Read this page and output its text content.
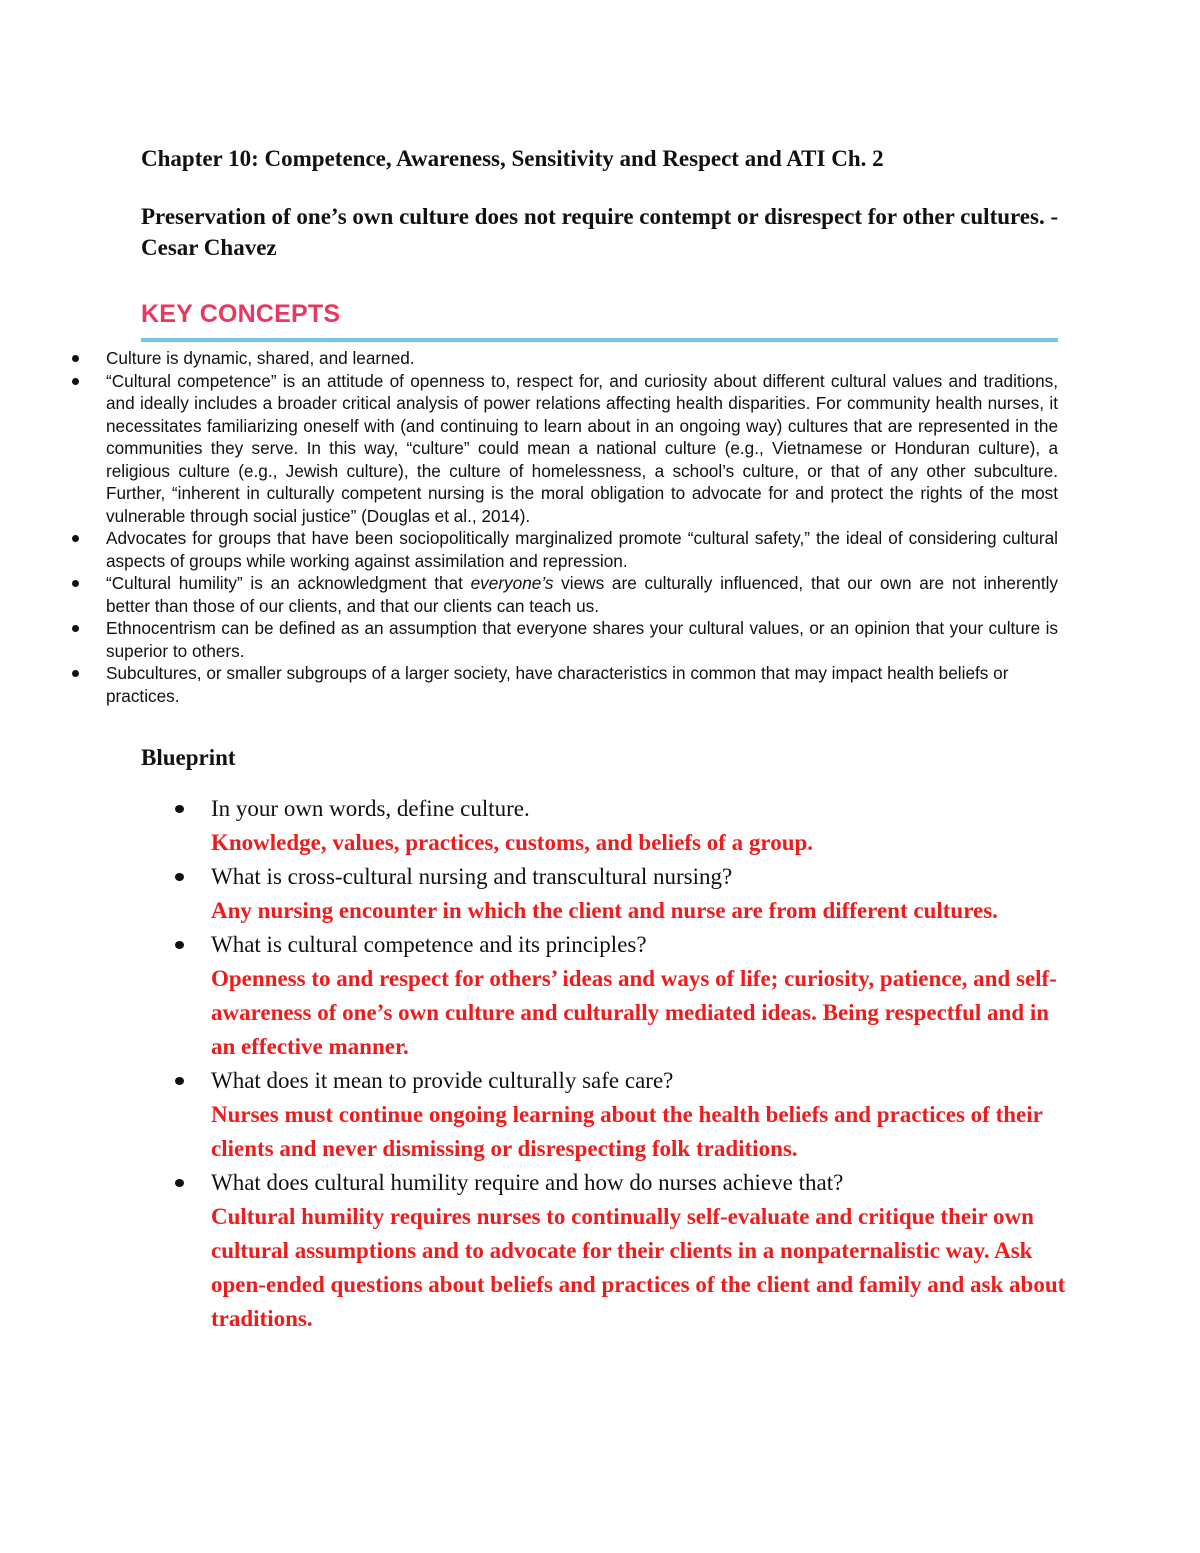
Chapter 10: Competence, Awareness, Sensitivity and Respect and ATI Ch. 2
Preservation of one’s own culture does not require contempt or disrespect for other cultures. -Cesar Chavez
KEY CONCEPTS
Culture is dynamic, shared, and learned.
“Cultural competence” is an attitude of openness to, respect for, and curiosity about different cultural values and traditions, and ideally includes a broader critical analysis of power relations affecting health disparities. For community health nurses, it necessitates familiarizing oneself with (and continuing to learn about in an ongoing way) cultures that are represented in the communities they serve. In this way, “culture” could mean a national culture (e.g., Vietnamese or Honduran culture), a religious culture (e.g., Jewish culture), the culture of homelessness, a school’s culture, or that of any other subculture. Further, “inherent in culturally competent nursing is the moral obligation to advocate for and protect the rights of the most vulnerable through social justice” (Douglas et al., 2014).
Advocates for groups that have been sociopolitically marginalized promote “cultural safety,” the ideal of considering cultural aspects of groups while working against assimilation and repression.
“Cultural humility” is an acknowledgment that everyone’s views are culturally influenced, that our own are not inherently better than those of our clients, and that our clients can teach us.
Ethnocentrism can be defined as an assumption that everyone shares your cultural values, or an opinion that your culture is superior to others.
Subcultures, or smaller subgroups of a larger society, have characteristics in common that may impact health beliefs or practices.
Blueprint
In your own words, define culture.
Knowledge, values, practices, customs, and beliefs of a group.
What is cross-cultural nursing and transcultural nursing?
Any nursing encounter in which the client and nurse are from different cultures.
What is cultural competence and its principles?
Openness to and respect for others’ ideas and ways of life; curiosity, patience, and self-awareness of one’s own culture and culturally mediated ideas. Being respectful and in an effective manner.
What does it mean to provide culturally safe care?
Nurses must continue ongoing learning about the health beliefs and practices of their clients and never dismissing or disrespecting folk traditions.
What does cultural humility require and how do nurses achieve that?
Cultural humility requires nurses to continually self-evaluate and critique their own cultural assumptions and to advocate for their clients in a nonpaternalistic way. Ask open-ended questions about beliefs and practices of the client and family and ask about traditions.
